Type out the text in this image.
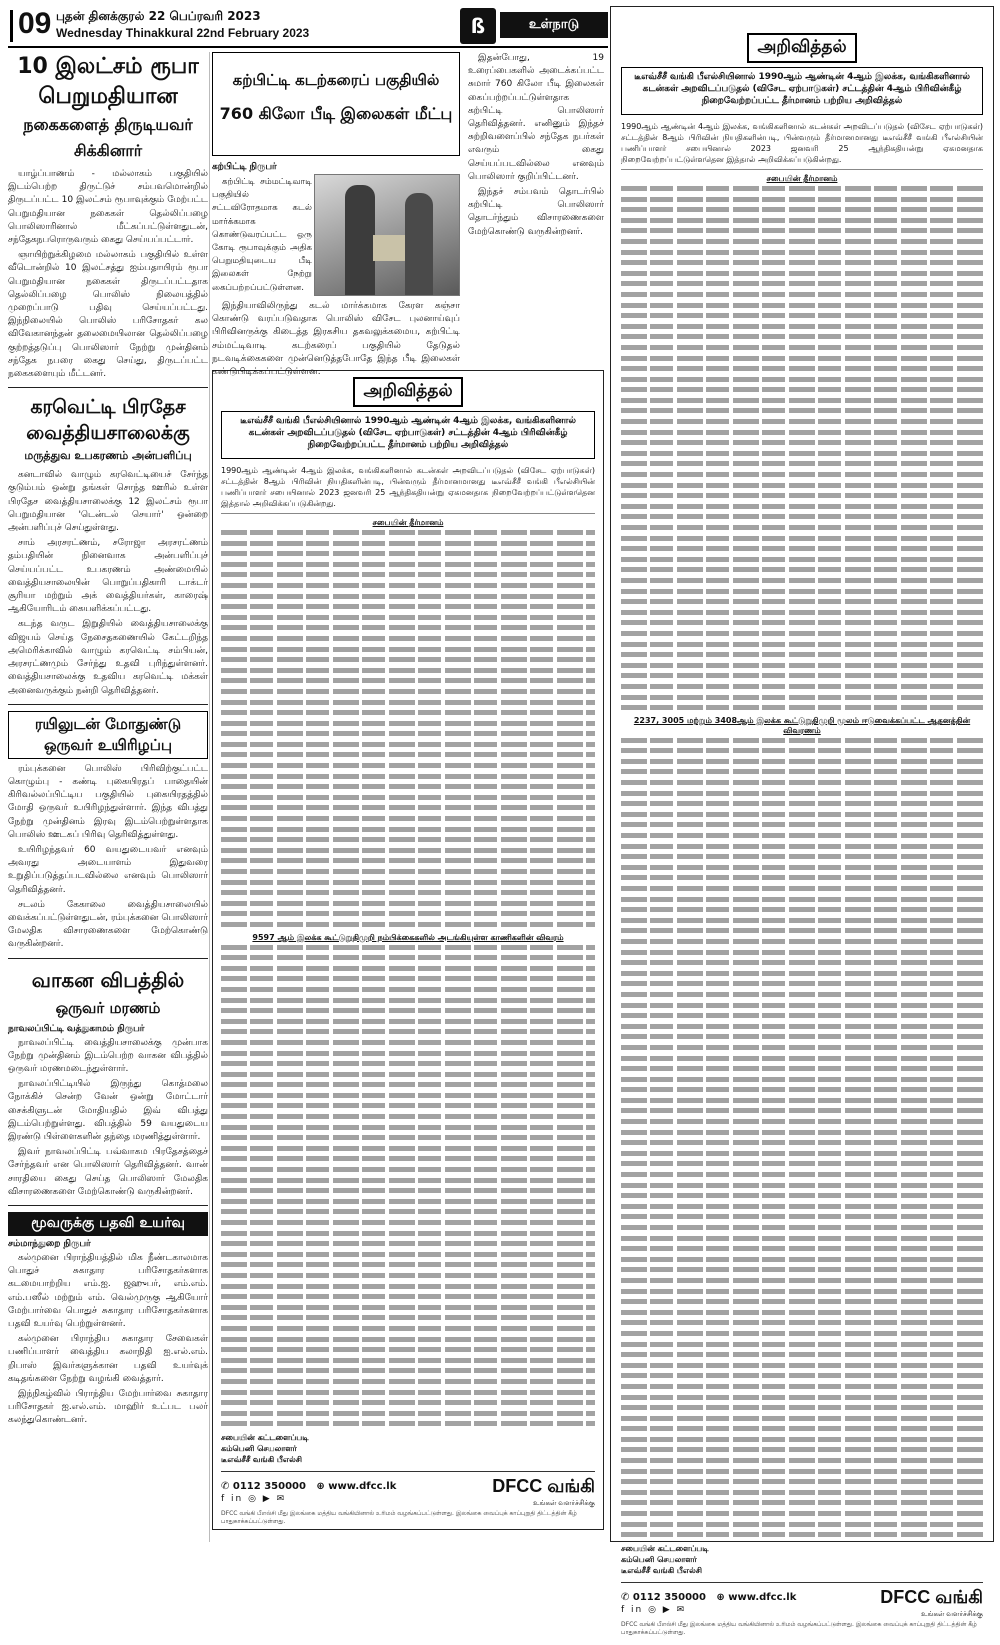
09 புதன் தினக்குரல் 22 பெப்ரவரி 2023
Wednesday Thinakkural 22nd February 2023	ß	உள்நாடு
10 இலட்சம் ரூபா
பெறுமதியான
நகைகளைத் திருடியவர்
சிக்கினார்

யாழ்ப்பாணம் - மல்லாகம் பகுதியில் இடம்பெற்ற திருட்டுச் சம்பவமொன்றில் திருடப்பட்ட 10 இலட்சம் ரூபாவுக்கும் மேற்பட்ட பெறுமதியான நகைகள் தெல்லிப்பழை பொலிஸாரினால் மீட்கப்பட்டுள்ளதுடன், சந்தேகநபரொருவரும் கைது செய்யப்பட்டார்.

ஞாயிற்றுக்கிழமை மல்லாகம் பகுதியில் உள்ள வீடொன்றில் 10 இலட்சத்து ஐம்பதாயிரம் ரூபா பெறுமதியான நகைகள் திருடப்பட்டதாக தெல்லிப்பழை பொலிஸ் நிலையத்தில் முறைப்பாடு பதிவு செய்யப்பட்டது. இந்நிலையில் பொலிஸ் பரிசோதகர் கல விவேகானந்தன் தலைமையிலான தெல்லிப்பழை குற்றத்தடுப்பு பொலிஸார் நேற்று முன்தினம் சந்தேக நபரை கைது செய்து, திருடப்பட்ட நகைகளையும் மீட்டனர்.

கரவெட்டி பிரதேச
வைத்தியசாலைக்கு
மருத்துவ உபகரணம் அன்பளிப்பு

கனடாவில் வாழும் கரவெட்டியைச் சேர்ந்த குடும்பம் ஒன்று தங்கள் சொந்த ஊரில் உள்ள பிரதேச வைத்தியசாலைக்கு 12 இலட்சம் ரூபா பெறுமதியான 'டென்டல் செயார்' ஒன்றை அன்பளிப்புச் செய்துள்ளது.

சாம் அரசரட்ணம், சரோஜா அரசரட்ணம் தம்பதியின் நினைவாக அன்பளிப்புச் செய்யப்பட்ட உபகரணம் அண்மையில் வைத்தியசாலையின் பொறுப்பதிகாரி டாக்டர் சூரியா மற்றும் அக் வைத்தியர்கள், காரைஷ் ஆகியோரிடம் கையளிக்கப்பட்டது.

கடந்த வருட இறுதியில் வைத்தியசாலைக்கு விஜயம் செய்த நேசைதகணையில் கேட்டறிந்த அமெரிக்காவில் வாழும் கரவெட்டி சம்பியன், அரசரட்ணமும் சேர்ந்து உதவி புரிந்துள்ளனர். வைத்தியசாலைக்கு உதவிய கரவெட்டி மக்கள் அனைவருக்கும் நன்றி தெரிவித்தனர்.

ரயிலுடன் மோதுண்டு
ஒருவர் உயிரிழப்பு

ரம்புக்கனை பொலிஸ் பிரிவிற்குட்பட்ட கொழும்பு - கண்டி புகையிரதப் பாதையின் கிரிவல்லப்பிட்டிய பகுதியில் புகையிரதத்தில் மோதி ஒருவர் உயிரிழந்துள்ளார். இந்த விபத்து நேற்று முன்தினம் இரவு இடம்பெற்றுள்ளதாக பொலிஸ் ஊடகப் பிரிவு தெரிவித்துள்ளது.

உயிரிழந்தவர் 60 வயதுடையவர் எனவும் அவரது அடையாளம் இதுவரை உறுதிப்படுத்தப்படவில்லை எனவும் பொலிஸார் தெரிவித்தனர்.

சடலம் கேகாலை வைத்தியசாலையில் வைக்கப்பட்டுள்ளதுடன், ரம்புக்கனை பொலிஸார் மேலதிக விசாரணைகளை மேற்கொண்டு வருகின்றனர்.

வாகன விபத்தில்
ஒருவர் மரணம்
நாவலப்பிட்டி வத்துகாமம் நிருபர்

நாவலப்பிட்டி வைத்தியசாலைக்கு முன்பாக நேற்று முன்தினம் இடம்பெற்ற வாகன விபத்தில் ஒருவர் மரணமடைந்துள்ளார்.

நாவலப்பிட்டியில் இருந்து கொத்மலை நோக்கிச் சென்ற வேன் ஒன்று மோட்டார் சைக்கிளுடன் மோதியதில் இவ் விபத்து இடம்பெற்றுள்ளது. விபத்தில் 59 வயதுடைய இரண்டு பிள்ளைகளின் தந்தை மரணித்துள்ளார்.

இவர் நாவலப்பிட்டி பவ்வாகம பிரதேசத்தைச் சேர்ந்தவர் என பொலிஸார் தெரிவித்தனர். வான் சாரதியை கைது செய்த பொலிஸார் மேலதிக விசாரணைகளை மேற்கொண்டு வருகின்றனர்.

மூவருக்கு பதவி உயர்வு
சம்மாந்துறை நிருபர்

கல்முனை பிராந்தியத்தில் மிக நீண்டகாலமாக பொதுச் சுகாதார பரிசோதகர்களாக கடமையாற்றிய எம்.ஐ. ஜஹுபர், எம்.எம். எம்.பஸீல் மற்றும் எம். வெல்முருகு ஆகியோர் மேற்பார்வை பொதுச் சுகாதார பரிசோதகர்களாக பதவி உயர்வு பெற்றுள்ளனர்.

கல்முனை பிராந்திய சுகாதார சேவைகள் பணிப்பாளர் வைத்திய கலாநிதி ஐ.எல்.எம். றிபாஸ் இவர்களுக்கான பதவி உயர்வுக் கடிதங்களை நேற்று வழங்கி வைத்தார்.

இந்நிகழ்வில் பிராந்திய மேற்பார்வை சுகாதார பரிசோதகர் ஐ.எல்.எம். மாஹிர் உட்பட பலர் கலந்துகொண்டனர்.

கற்பிட்டி கடற்கரைப் பகுதியில்
760 கிலோ பீடி இலைகள் மீட்பு
கற்பிட்டி நிருபர்

கற்பிட்டி சம்மட்டிவாடி பகுதியில் சட்டவிரோதமாக கடல் மார்க்கமாக கொண்டுவரப்பட்ட ஒரு கோடி ரூபாவுக்கும் அதிக பெறுமதியுடைய பீடி இலைகள் நேற்று கைப்பற்றப்பட்டுள்ளன.

இந்தியாவிலிருந்து கடல் மார்க்கமாக கேரள கஞ்சா கொண்டு வரப்படுவதாக பொலிஸ் விசேட புலனாய்வுப் பிரிவினருக்கு கிடைத்த இரகசிய தகவலுக்கமைய, கற்பிட்டி சம்மட்டிவாடி கடற்கரைப் பகுதியில் தேடுதல் நடவடிக்கைகளை முன்னெடுத்தபோதே இந்த பீடி இலைகள் கண்டுபிடிக்கப்பட்டுள்ளன.

இதன்போது, 19 உரைப்பைகளில் அடைக்கப்பட்ட சுமார் 760 கிலோ பீடி இலைகள் கைப்பற்றப்பட்டுள்ளதாக கற்பிட்டி பொலிஸார் தெரிவித்தனர். எனினும் இந்தச் சுற்றிவளைப்பில் சந்தேக நபர்கள் எவரும் கைது செய்யப்படவில்லை எனவும் பொலிஸார் குறிப்பிட்டனர்.

இந்தச் சம்பவம் தொடர்பில் கற்பிட்டி பொலிஸார் தொடர்ந்தும் விசாரணைகளை மேற்கொண்டு வருகின்றனர்.

அறிவித்தல்
டீஎவ்சீசீ வங்கி பீஎல்சியினால் 1990ஆம் ஆண்டின் 4ஆம் இலக்க, வங்கிகளினால் கடன்கள் அறவிடப்படுதல் (விசேட ஏற்பாடுகள்) சட்டத்தின் 4ஆம் பிரிவின்கீழ் நிறைவேற்றப்பட்ட தீர்மானம் பற்றிய அறிவித்தல்
1990ஆம் ஆண்டின் 4ஆம் இலக்க, வங்கிகளினால் கடன்கள் அறவிடப்படுதல் (விசேட ஏற்பாடுகள்) சட்டத்தின் 8ஆம் பிரிவின் நியதிகளின்படி, பின்வரும் தீர்மானமானது டீஎவ்சீசீ வங்கி பீஎல்சியின் பணிப்பாளர் சபையினால் 2023 ஜனவரி 25 ஆந்திகதியன்று ஏகமனதாக நிறைவேற்றப்பட்டுள்ளதென இத்தால் அறிவிக்கப்படுகின்றது.
சபையின் தீர்மானம்
9597 ஆம் இலக்க கூட்டுறுதிமுறி நம்பிக்கைகளில் அடங்கியுள்ள காணிகளின் விவரம்
சபையின் கட்டளைப்படி
கம்பெனி செயலாளர்
டீஎவ்சீசீ வங்கி பீஎல்சி
✆ 0112 350000 ⊕ www.dfcc.lk
f in ◎ ▶ ✉
DFCC வங்கி
உங்கள் வளர்ச்சிக்கு
DFCC வங்கி பீஎல்சி மீது இலங்கை மத்திய வங்கியினால் உரிமம் வழங்கப்பட்டுள்ளது. இலங்கை வைப்புக் காப்புறுதி திட்டத்தின் கீழ் பாதுகாக்கப்பட்டுள்ளது.
அறிவித்தல்
டீஎவ்சீசீ வங்கி பீஎல்சியினால் 1990ஆம் ஆண்டின் 4ஆம் இலக்க, வங்கிகளினால் கடன்கள் அறவிடப்படுதல் (விசேட ஏற்பாடுகள்) சட்டத்தின் 4ஆம் பிரிவின்கீழ் நிறைவேற்றப்பட்ட தீர்மானம் பற்றிய அறிவித்தல்
1990ஆம் ஆண்டின் 4ஆம் இலக்க, வங்கிகளினால் கடன்கள் அறவிடப்படுதல் (விசேட ஏற்பாடுகள்) சட்டத்தின் 8ஆம் பிரிவின் நியதிகளின்படி, பின்வரும் தீர்மானமானது டீஎவ்சீசீ வங்கி பீஎல்சியின் பணிப்பாளர் சபையினால் 2023 ஜனவரி 25 ஆந்திகதியன்று ஏகமனதாக நிறைவேற்றப்பட்டுள்ளதென இத்தால் அறிவிக்கப்படுகின்றது.
சபையின் தீர்மானம்
2237, 3005 மற்றும் 3408ஆம் இலக்க கூட்டுறுதிமுறி மூலம் ஈடுவைக்கப்பட்ட ஆதனத்தின் விவரணம்
சபையின் கட்டளைப்படி
கம்பெனி செயலாளர்
டீஎவ்சீசீ வங்கி பீஎல்சி
✆ 0112 350000 ⊕ www.dfcc.lk
f in ◎ ▶ ✉
DFCC வங்கி
உங்கள் வளர்ச்சிக்கு
DFCC வங்கி பீஎல்சி மீது இலங்கை மத்திய வங்கியினால் உரிமம் வழங்கப்பட்டுள்ளது. இலங்கை வைப்புக் காப்புறுதி திட்டத்தின் கீழ் பாதுகாக்கப்பட்டுள்ளது.
